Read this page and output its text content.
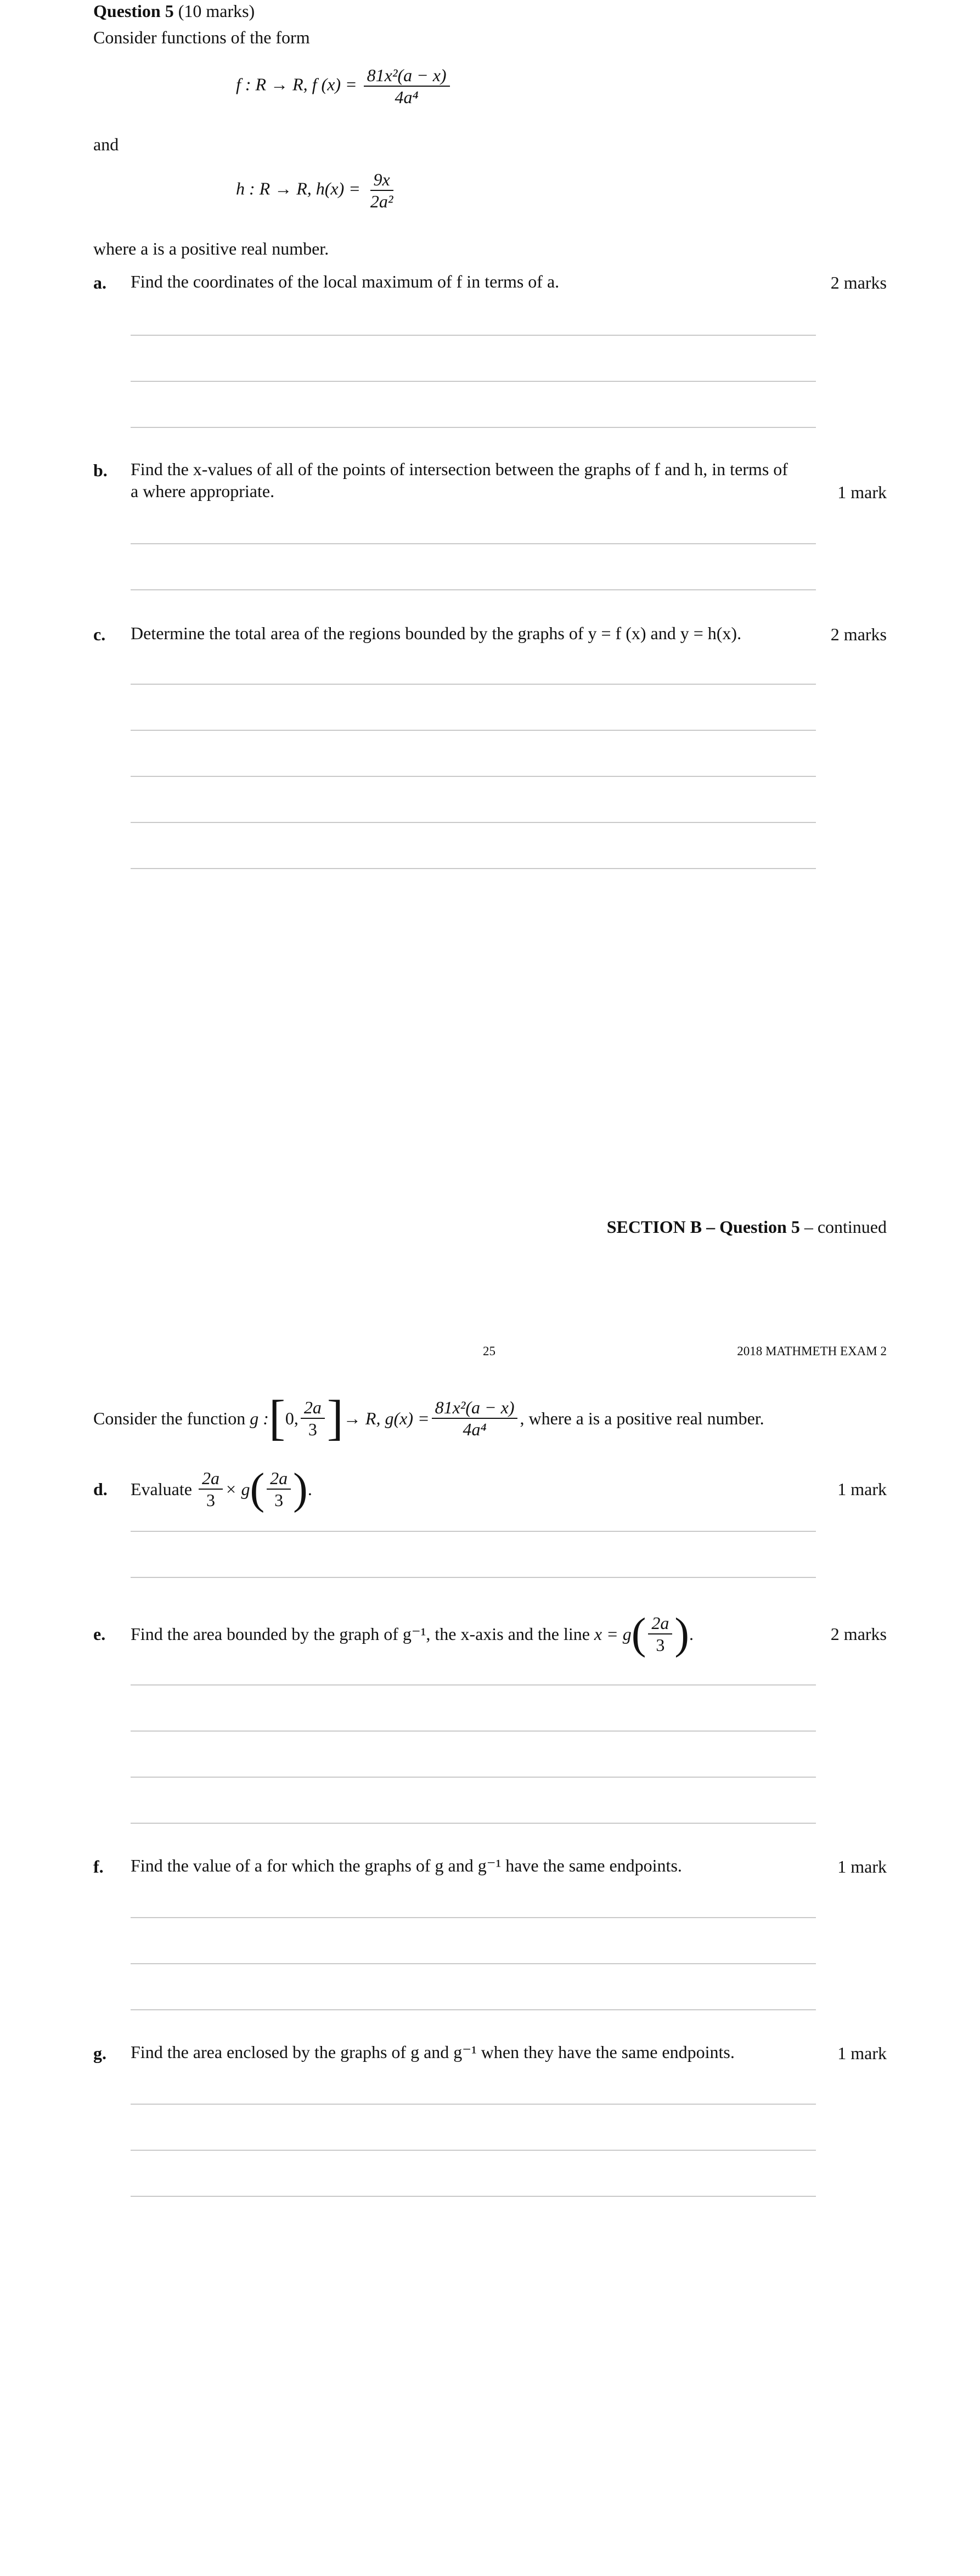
Question 5 (10 marks)
Consider functions of the form
f : R → R, f $(x) = \frac{\text{81x²(a − x)}}{\text{4a⁴}}$
and
h : R → R, $h(x) = \frac{9x}{\text{2a²}}$
where a is a positive real number.
a. Find the coordinates of the local maximum of f in terms of a.	2 marks
b. Find the x-values of all of the points of intersection between the graphs of f and h, in terms of
a where appropriate.	1 mark
c. Determine the total area of the regions bounded by the graphs of y = f (x) and y = h(x).	2 marks
SECTION B – Question 5 – continued
25	2018 MATHMETH EXAM 2
Consider the function
g : [ 0, $\frac{2a}{3}$ ] → R,
$g(x) = \frac{\text{81x²(a − x)}}{\text{4a⁴}}$ , where a is a positive real number.
d. Evaluate
$\frac{2a}{3} \times g$ ( $\frac{2a}{3}$ ) .	1 mark
e. Find the area bounded by the graph of g⁻¹, the x-axis and the line
x = g ( $\frac{2a}{3}$ ) .	2 marks
f. Find the value of a for which the graphs of g and g⁻¹ have the same endpoints.	1 mark
g. Find the area enclosed by the graphs of g and g⁻¹ when they have the same endpoints.	1 mark
